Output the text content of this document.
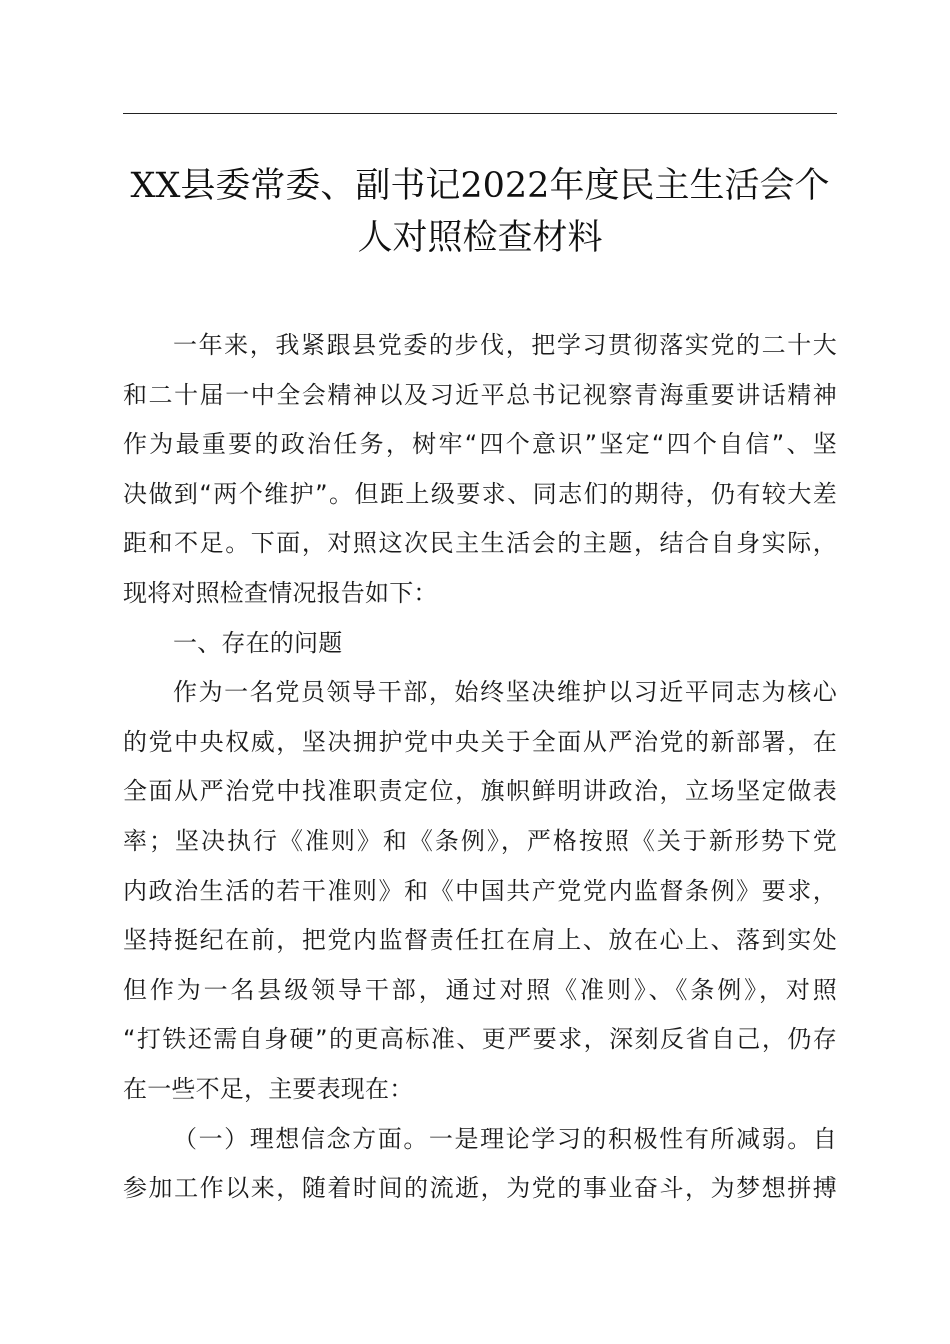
XX县委常委、副书记2022年度民主生活会个
人对照检查材料
一年来，我紧跟县党委的步伐，把学习贯彻落实党的二十大
和二十届一中全会精神以及习近平总书记视察青海重要讲话精神
作为最重要的政治任务，树牢“四个意识”坚定“四个自信”、坚
决做到“两个维护”。但距上级要求、同志们的期待，仍有较大差
距和不足。下面，对照这次民主生活会的主题，结合自身实际，
现将对照检查情况报告如下：
一、存在的问题
作为一名党员领导干部，始终坚决维护以习近平同志为核心
的党中央权威，坚决拥护党中央关于全面从严治党的新部署，在
全面从严治党中找准职责定位，旗帜鲜明讲政治，立场坚定做表
率；坚决执行《准则》和《条例》，严格按照《关于新形势下党
内政治生活的若干准则》和《中国共产党党内监督条例》要求，
坚持挺纪在前，把党内监督责任扛在肩上、放在心上、落到实处
但作为一名县级领导干部，通过对照《准则》、《条例》，对照
“打铁还需自身硬”的更高标准、更严要求，深刻反省自己，仍存
在一些不足，主要表现在：
（一）理想信念方面。一是理论学习的积极性有所减弱。自
参加工作以来，随着时间的流逝，为党的事业奋斗，为梦想拼搏
